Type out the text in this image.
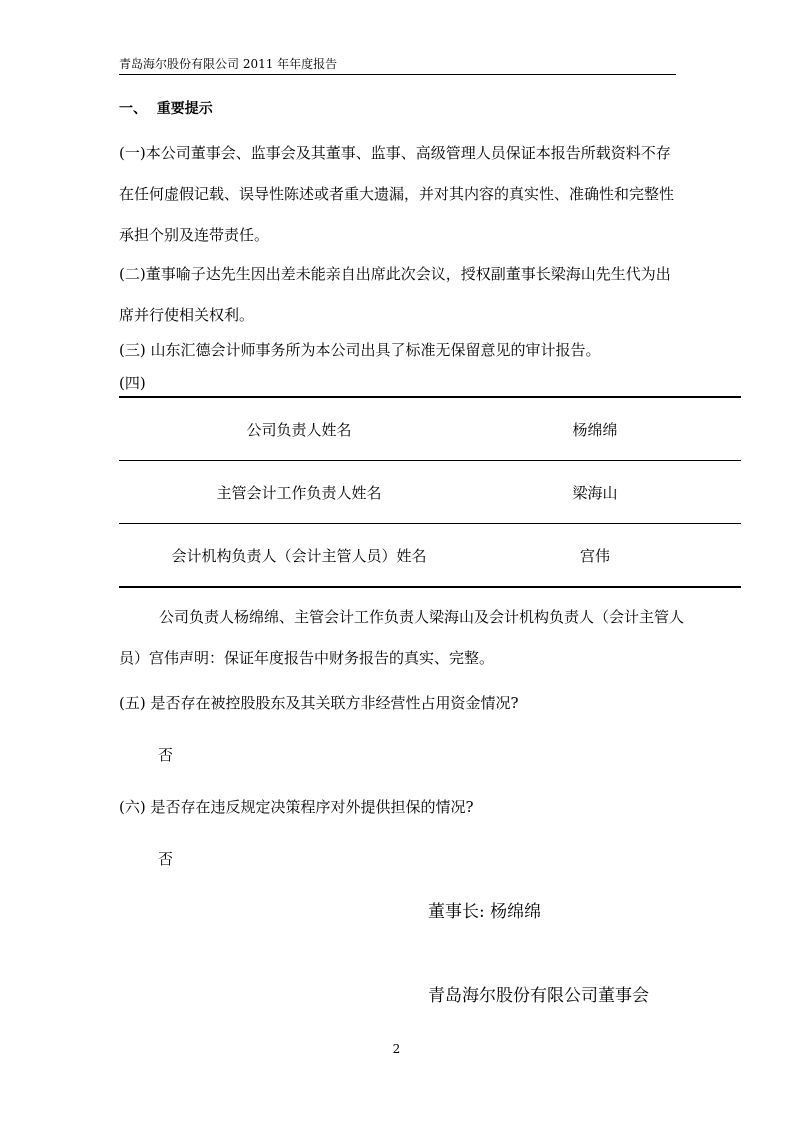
青岛海尔股份有限公司 2011 年年度报告
一、  重要提示
(一)本公司董事会、监事会及其董事、监事、高级管理人员保证本报告所载资料不存在任何虚假记载、误导性陈述或者重大遗漏，并对其内容的真实性、准确性和完整性承担个别及连带责任。
(二)董事喻子达先生因出差未能亲自出席此次会议，授权副董事长梁海山先生代为出席并行使相关权利。
(三) 山东汇德会计师事务所为本公司出具了标准无保留意见的审计报告。
(四)
公司负责人姓名	杨绵绵
主管会计工作负责人姓名	梁海山
会计机构负责人（会计主管人员）姓名	宫伟
公司负责人杨绵绵、主管会计工作负责人梁海山及会计机构负责人（会计主管人员）宫伟声明：保证年度报告中财务报告的真实、完整。
(五) 是否存在被控股股东及其关联方非经营性占用资金情况?
否
(六) 是否存在违反规定决策程序对外提供担保的情况?
否
董事长: 杨绵绵
青岛海尔股份有限公司董事会
2
